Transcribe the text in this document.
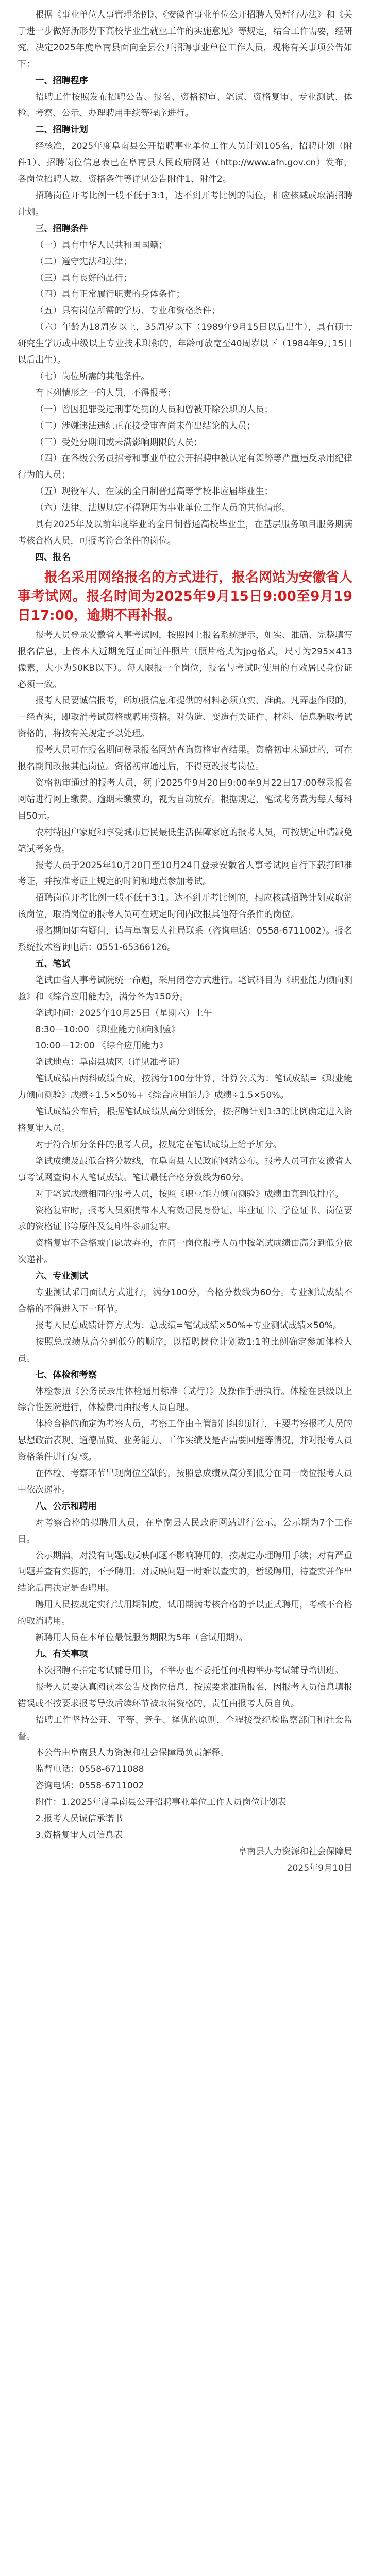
根据《事业单位人事管理条例》、《安徽省事业单位公开招聘人员暂行办法》和《关于进一步做好新形势下高校毕业生就业工作的实施意见》等规定，结合工作需要，经研究，决定2025年度阜南县面向全县公开招聘事业单位工作人员，现将有关事项公告如下：

一、招聘程序

招聘工作按照发布招聘公告、报名、资格初审、笔试、资格复审、专业测试、体检、考察、公示、办理聘用手续等程序进行。

二、招聘计划

经核准，2025年度阜南县公开招聘事业单位工作人员计划105名，招聘计划（附件1）、招聘岗位信息表已在阜南县人民政府网站（http://www.afn.gov.cn）发布，各岗位招聘人数、资格条件等详见公告附件1、附件2。

招聘岗位开考比例一般不低于3:1，达不到开考比例的岗位，相应核减或取消招聘计划。

三、招聘条件

（一）具有中华人民共和国国籍；

（二）遵守宪法和法律；

（三）具有良好的品行；

（四）具有正常履行职责的身体条件；

（五）具有岗位所需的学历、专业和资格条件；

（六）年龄为18周岁以上，35周岁以下（1989年9月15日以后出生），具有硕士研究生学历或中级以上专业技术职称的，年龄可放宽至40周岁以下（1984年9月15日以后出生）。

（七）岗位所需的其他条件。

有下列情形之一的人员，不得报考：

（一）曾因犯罪受过刑事处罚的人员和曾被开除公职的人员；

（二）涉嫌违法违纪正在接受审查尚未作出结论的人员；

（三）受处分期间或未满影响期限的人员；

（四）在各级公务员招考和事业单位公开招聘中被认定有舞弊等严重违反录用纪律行为的人员；

（五）现役军人、在读的全日制普通高等学校非应届毕业生；

（六）法律、法规规定不得聘用为事业单位工作人员的其他情形。

具有2025年及以前年度毕业的全日制普通高校毕业生，在基层服务项目服务期满考核合格人员，可报考符合条件的岗位。

四、报名

报名采用网络报名的方式进行，报名网站为安徽省人事考试网。报名时间为2025年9月15日9:00至9月19日17:00，逾期不再补报。

报考人员登录安徽省人事考试网，按照网上报名系统提示，如实、准确、完整填写报名信息，上传本人近期免冠正面证件照片（照片格式为jpg格式，尺寸为295×413像素，大小为50KB以下）。每人限报一个岗位，报名与考试时使用的有效居民身份证必须一致。

报考人员要诚信报考，所填报信息和提供的材料必须真实、准确。凡弄虚作假的，一经查实，即取消考试资格或聘用资格。对伪造、变造有关证件、材料、信息骗取考试资格的，将按有关规定予以处理。

报考人员可在报名期间登录报名网站查询资格审查结果。资格初审未通过的，可在报名期间改报其他岗位。资格初审通过后，不得更改报考岗位。

资格初审通过的报考人员，须于2025年9月20日9:00至9月22日17:00登录报名网站进行网上缴费。逾期未缴费的，视为自动放弃。根据规定，笔试考务费为每人每科目50元。

农村特困户家庭和享受城市居民最低生活保障家庭的报考人员，可按规定申请减免笔试考务费。

报考人员于2025年10月20日至10月24日登录安徽省人事考试网自行下载打印准考证，并按准考证上规定的时间和地点参加考试。

招聘岗位开考比例一般不低于3:1。达不到开考比例的，相应核减招聘计划或取消该岗位，取消岗位的报考人员可在规定时间内改报其他符合条件的岗位。

报名期间如有疑问，请与阜南县人社局联系（咨询电话：0558-6711002）。报名系统技术咨询电话：0551-65366126。

五、笔试

笔试由省人事考试院统一命题，采用闭卷方式进行。笔试科目为《职业能力倾向测验》和《综合应用能力》，满分各为150分。

笔试时间：2025年10月25日（星期六）上午

8:30—10:00 《职业能力倾向测验》

10:00—12:00 《综合应用能力》

笔试地点：阜南县城区（详见准考证）

笔试成绩由两科成绩合成，按满分100分计算，计算公式为：笔试成绩=《职业能力倾向测验》成绩÷1.5×50%+《综合应用能力》成绩÷1.5×50%。

笔试成绩公布后，根据笔试成绩从高分到低分，按招聘计划1:3的比例确定进入资格复审人员。

对于符合加分条件的报考人员，按规定在笔试成绩上给予加分。

笔试成绩及最低合格分数线，在阜南县人民政府网站公布。报考人员可在安徽省人事考试网查询本人笔试成绩。笔试最低合格分数线为60分。

对于笔试成绩相同的报考人员，按照《职业能力倾向测验》成绩由高到低排序。

资格复审时，报考人员须携带本人有效居民身份证、毕业证书、学位证书、岗位要求的资格证书等原件及复印件参加复审。

资格复审不合格或自愿放弃的，在同一岗位报考人员中按笔试成绩由高分到低分依次递补。

六、专业测试

专业测试采用面试方式进行，满分100分，合格分数线为60分。专业测试成绩不合格的不得进入下一环节。

报考人员总成绩计算方式为：总成绩=笔试成绩×50%+专业测试成绩×50%。

按照总成绩从高分到低分的顺序，以招聘岗位计划数1:1的比例确定参加体检人员。

七、体检和考察

体检参照《公务员录用体检通用标准（试行）》及操作手册执行。体检在县级以上综合性医院进行，体检费用由报考人员自理。

体检合格的确定为考察人员，考察工作由主管部门组织进行，主要考察报考人员的思想政治表现、道德品质、业务能力、工作实绩及是否需要回避等情况，并对报考人员资格条件进行复核。

在体检、考察环节出现岗位空缺的，按照总成绩从高分到低分在同一岗位报考人员中依次递补。

八、公示和聘用

对考察合格的拟聘用人员，在阜南县人民政府网站进行公示，公示期为7个工作日。

公示期满，对没有问题或反映问题不影响聘用的，按规定办理聘用手续；对有严重问题并查有实据的，不予聘用；对反映问题一时难以查实的，暂缓聘用，待查实并作出结论后再决定是否聘用。

聘用人员按规定实行试用期制度，试用期满考核合格的予以正式聘用，考核不合格的取消聘用。

新聘用人员在本单位最低服务期限为5年（含试用期）。

九、有关事项

本次招聘不指定考试辅导用书，不举办也不委托任何机构举办考试辅导培训班。

报考人员要认真阅读本公告及岗位信息，按照要求准确报名，因报考人员信息填报错误或不按要求报考导致后续环节被取消资格的，责任由报考人员自负。

招聘工作坚持公开、平等、竞争、择优的原则，全程接受纪检监察部门和社会监督。

本公告由阜南县人力资源和社会保障局负责解释。

监督电话：0558-6711088

咨询电话：0558-6711002

附件：1.2025年度阜南县公开招聘事业单位工作人员岗位计划表

2.报考人员诚信承诺书

3.资格复审人员信息表

阜南县人力资源和社会保障局

2025年9月10日
